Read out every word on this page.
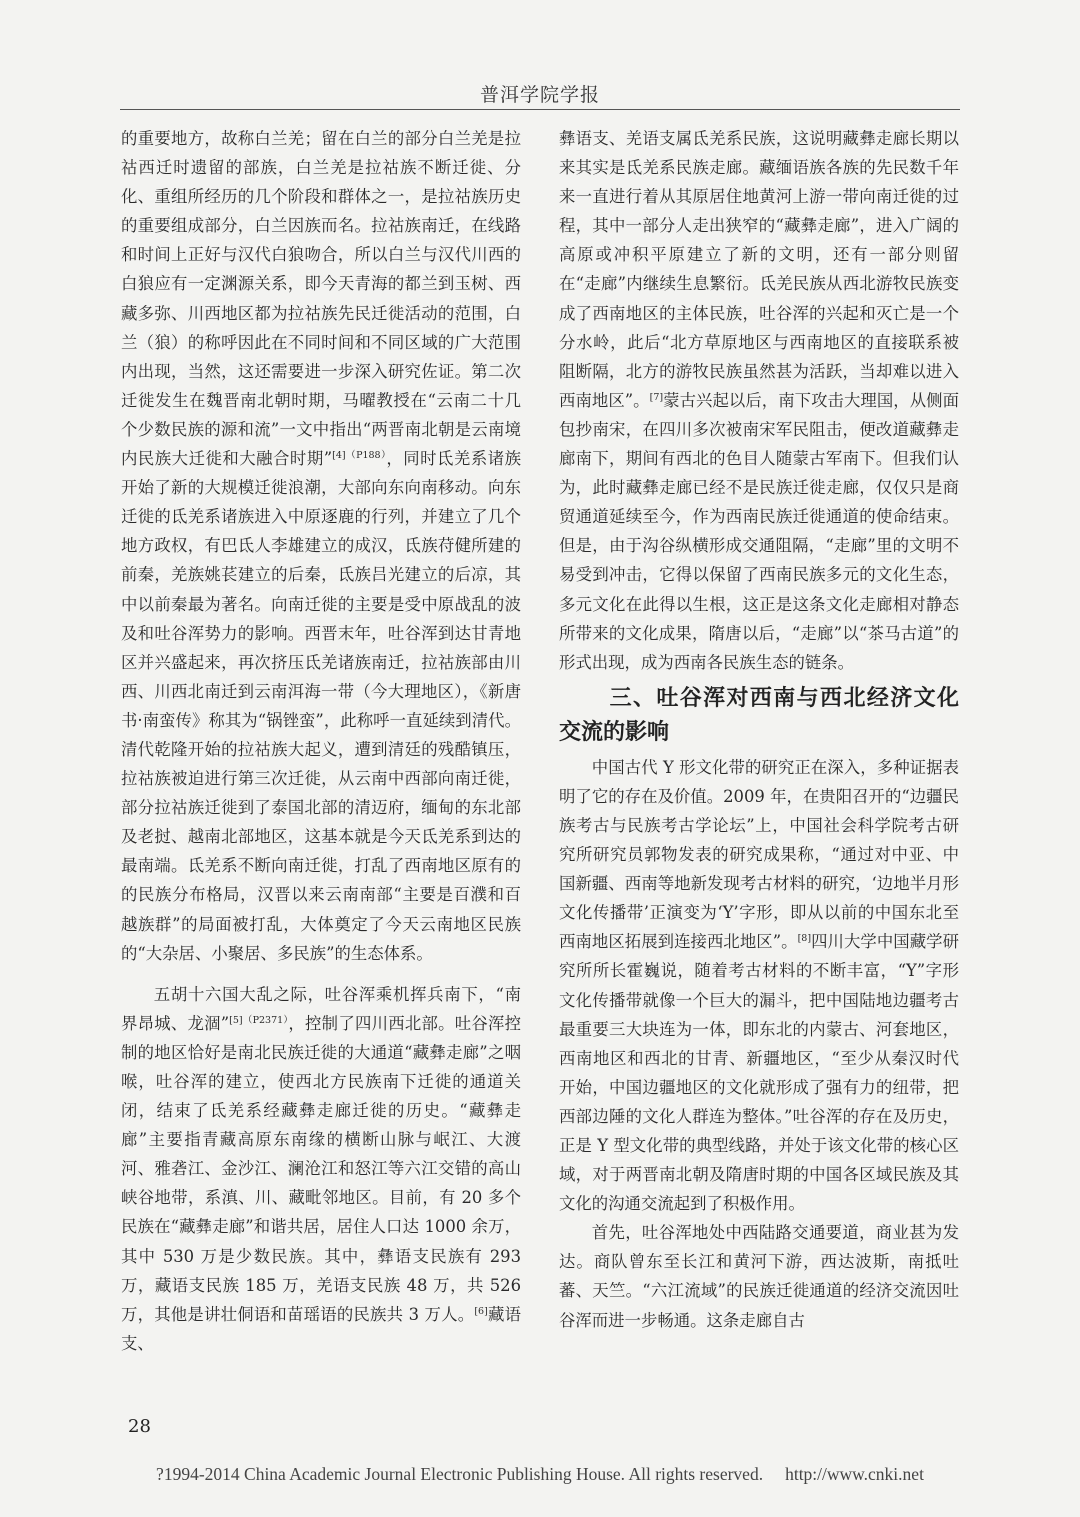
普洱学院学报

的重要地方，故称白兰羌；留在白兰的部分白兰羌是拉祜西迁时遗留的部族，白兰羌是拉祜族不断迁徙、分化、重组所经历的几个阶段和群体之一，是拉祜族历史的重要组成部分，白兰因族而名。拉祜族南迁，在线路和时间上正好与汉代白狼吻合，所以白兰与汉代川西的白狼应有一定渊源关系，即今天青海的都兰到玉树、西藏多弥、川西地区都为拉祜族先民迁徙活动的范围，白兰（狼）的称呼因此在不同时间和不同区域的广大范围内出现，当然，这还需要进一步深入研究佐证。第二次迁徙发生在魏晋南北朝时期，马曜教授在“云南二十几个少数民族的源和流”一文中指出“两晋南北朝是云南境内民族大迁徙和大融合时期”$^{[4](P188)}$，同时氐羌系诸族开始了新的大规模迁徙浪潮，大部向东向南移动。向东迁徙的氐羌系诸族进入中原逐鹿的行列，并建立了几个地方政权，有巴氐人李雄建立的成汉，氐族苻健所建的前秦，羌族姚苌建立的后秦，氐族吕光建立的后凉，其中以前秦最为著名。向南迁徙的主要是受中原战乱的波及和吐谷浑势力的影响。西晋末年，吐谷浑到达甘青地区并兴盛起来，再次挤压氐羌诸族南迁，拉祜族部由川西、川西北南迁到云南洱海一带（今大理地区），《新唐书·南蛮传》称其为“锅锉蛮”，此称呼一直延续到清代。清代乾隆开始的拉祜族大起义，遭到清廷的残酷镇压，拉祜族被迫进行第三次迁徙，从云南中西部向南迁徙，部分拉祜族迁徙到了泰国北部的清迈府，缅甸的东北部及老挝、越南北部地区，这基本就是今天氐羌系到达的最南端。氐羌系不断向南迁徙，打乱了西南地区原有的的民族分布格局，汉晋以来云南南部“主要是百濮和百越族群”的局面被打乱，大体奠定了今天云南地区民族的“大杂居、小聚居、多民族”的生态体系。

五胡十六国大乱之际，吐谷浑乘机挥兵南下，“南界昂城、龙涸”$^{[5](P2371)}$，控制了四川西北部。吐谷浑控制的地区恰好是南北民族迁徙的大通道“藏彝走廊”之咽喉，吐谷浑的建立，使西北方民族南下迁徙的通道关闭，结束了氐羌系经藏彝走廊迁徙的历史。“藏彝走廊”主要指青藏高原东南缘的横断山脉与岷江、大渡河、雅砻江、金沙江、澜沧江和怒江等六江交错的高山峡谷地带，系滇、川、藏毗邻地区。目前，有 20 多个民族在“藏彝走廊”和谐共居，居住人口达 1000 余万，其中 530 万是少数民族。其中，彝语支民族有 293 万，藏语支民族 185 万，羌语支民族 48 万，共 526 万，其他是讲壮侗语和苗瑶语的民族共 3 万人。[6]藏语支、

彝语支、羌语支属氐羌系民族，这说明藏彝走廊长期以来其实是氐羌系民族走廊。藏缅语族各族的先民数千年来一直进行着从其原居住地黄河上游一带向南迁徙的过程，其中一部分人走出狭窄的“藏彝走廊”，进入广阔的高原或冲积平原建立了新的文明，还有一部分则留在“走廊”内继续生息繁衍。氐羌民族从西北游牧民族变成了西南地区的主体民族，吐谷浑的兴起和灭亡是一个分水岭，此后“北方草原地区与西南地区的直接联系被阻断隔，北方的游牧民族虽然甚为活跃，当却难以进入西南地区”。[7]蒙古兴起以后，南下攻击大理国，从侧面包抄南宋，在四川多次被南宋军民阻击，便改道藏彝走廊南下，期间有西北的色目人随蒙古军南下。但我们认为，此时藏彝走廊已经不是民族迁徙走廊，仅仅只是商贸通道延续至今，作为西南民族迁徙通道的使命结束。但是，由于沟谷纵横形成交通阻隔，“走廊”里的文明不易受到冲击，它得以保留了西南民族多元的文化生态，多元文化在此得以生根，这正是这条文化走廊相对静态所带来的文化成果，隋唐以后，“走廊”以“茶马古道”的形式出现，成为西南各民族生态的链条。

三、吐谷浑对西南与西北经济文化交流的影响

中国古代 Y 形文化带的研究正在深入，多种证据表明了它的存在及价值。2009 年，在贵阳召开的“边疆民族考古与民族考古学论坛”上，中国社会科学院考古研究所研究员郭物发表的研究成果称，“通过对中亚、中国新疆、西南等地新发现考古材料的研究，‘边地半月形文化传播带’正演变为‘Y’字形，即从以前的中国东北至西南地区拓展到连接西北地区”。[8]四川大学中国藏学研究所所长霍巍说，随着考古材料的不断丰富，“Y”字形文化传播带就像一个巨大的漏斗，把中国陆地边疆考古最重要三大块连为一体，即东北的内蒙古、河套地区，西南地区和西北的甘青、新疆地区，“至少从秦汉时代开始，中国边疆地区的文化就形成了强有力的纽带，把西部边陲的文化人群连为整体。”吐谷浑的存在及历史，正是 Y 型文化带的典型线路，并处于该文化带的核心区域，对于两晋南北朝及隋唐时期的中国各区域民族及其文化的沟通交流起到了积极作用。

首先，吐谷浑地处中西陆路交通要道，商业甚为发达。商队曾东至长江和黄河下游，西达波斯，南抵吐蕃、天竺。“六江流域”的民族迁徙通道的经济交流因吐谷浑而进一步畅通。这条走廊自古

28
?1994-2014 China Academic Journal Electronic Publishing House. All rights reserved. http://www.cnki.net
